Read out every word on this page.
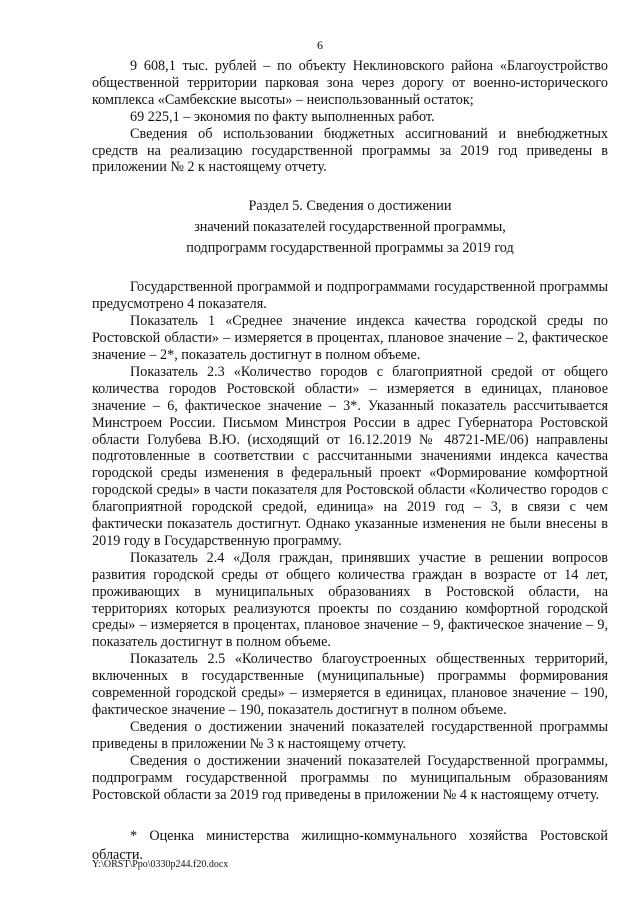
6

9 608,1 тыс. рублей – по объекту Неклиновского района «Благоустройство общественной территории парковая зона через дорогу от военно-исторического комплекса «Самбекские высоты» – неиспользованный остаток;

69 225,1 – экономия по факту выполненных работ.

Сведения об использовании бюджетных ассигнований и внебюджетных средств на реализацию государственной программы за 2019 год приведены в приложении № 2 к настоящему отчету.

Раздел 5. Сведения о достижении
значений показателей государственной программы,
подпрограмм государственной программы за 2019 год

Государственной программой и подпрограммами государственной программы предусмотрено 4 показателя.

Показатель 1 «Среднее значение индекса качества городской среды по Ростовской области» – измеряется в процентах, плановое значение – 2, фактическое значение – 2*, показатель достигнут в полном объеме.

Показатель 2.3 «Количество городов с благоприятной средой от общего количества городов Ростовской области» – измеряется в единицах, плановое значение – 6, фактическое значение – 3*. Указанный показатель рассчитывается Минстроем России. Письмом Минстроя России в адрес Губернатора Ростовской области Голубева В.Ю. (исходящий от 16.12.2019 № 48721-МЕ/06) направлены подготовленные в соответствии с рассчитанными значениями индекса качества городской среды изменения в федеральный проект «Формирование комфортной городской среды» в части показателя для Ростовской области «Количество городов с благоприятной городской средой, единица» на 2019 год – 3, в связи с чем фактически показатель достигнут. Однако указанные изменения не были внесены в 2019 году в Государственную программу.

Показатель 2.4 «Доля граждан, принявших участие в решении вопросов развития городской среды от общего количества граждан в возрасте от 14 лет, проживающих в муниципальных образованиях в Ростовской области, на территориях которых реализуются проекты по созданию комфортной городской среды» – измеряется в процентах, плановое значение – 9, фактическое значение – 9, показатель достигнут в полном объеме.

Показатель 2.5 «Количество благоустроенных общественных территорий, включенных в государственные (муниципальные) программы формирования современной городской среды» – измеряется в единицах, плановое значение – 190, фактическое значение – 190, показатель достигнут в полном объеме.

Сведения о достижении значений показателей государственной программы приведены в приложении № 3 к настоящему отчету.

Сведения о достижении значений показателей Государственной программы, подпрограмм государственной программы по муниципальным образованиям Ростовской области за 2019 год приведены в приложении № 4 к настоящему отчету.

* Оценка министерства жилищно-коммунального хозяйства Ростовской области.

Y:\ORST\Ppo\0330p244.f20.docx
